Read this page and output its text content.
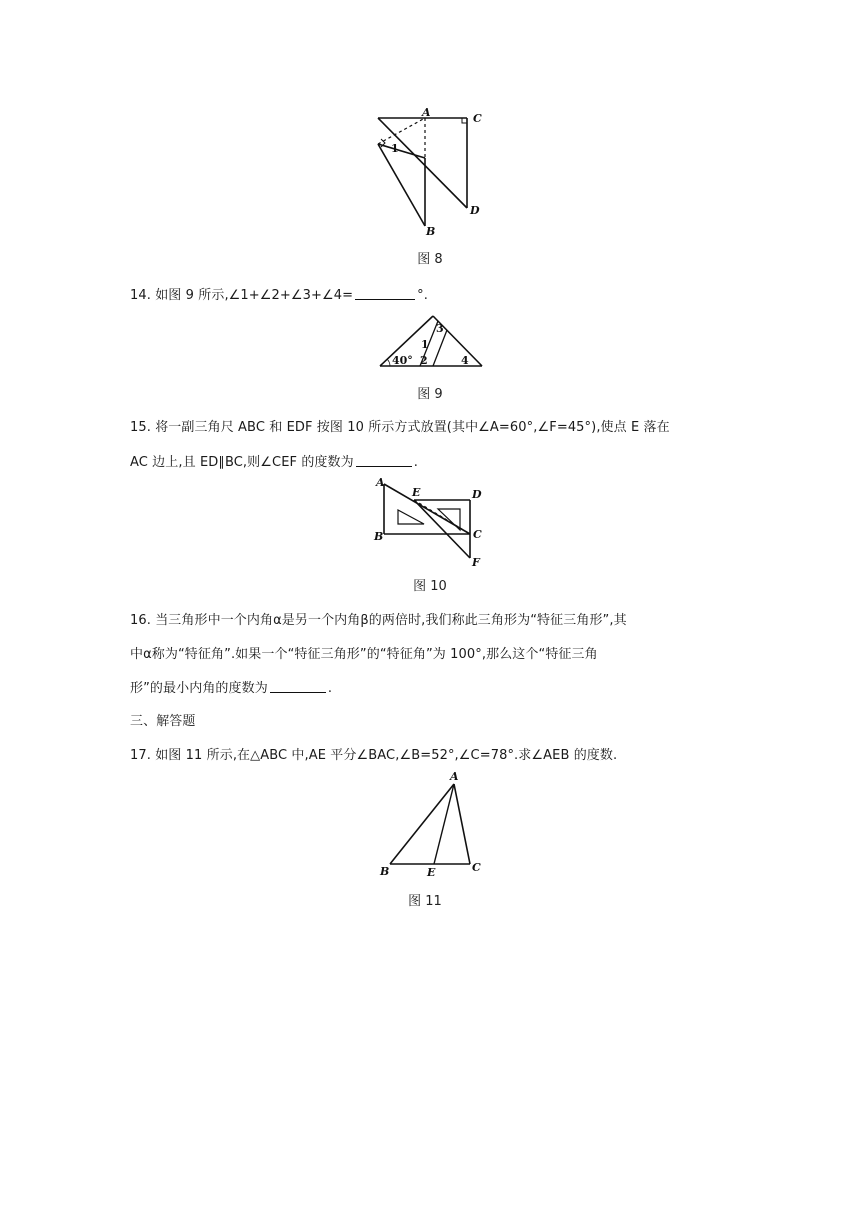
A	C
D
B
1
图 8
14. 如图 9 所示,∠1+∠2+∠3+∠4=	°.
40°
1
2
3
4
图 9
15. 将一副三角尺 ABC 和 EDF 按图 10 所示方式放置(其中∠A=60°,∠F=45°),使点 E 落在
AC 边上,且 ED∥BC,则∠CEF 的度数为	.
A
B	C
D
E
F
图 10
16. 当三角形中一个内角α是另一个内角β的两倍时,我们称此三角形为“特征三角形”,其
中α称为“特征角”.如果一个“特征三角形”的“特征角”为 100°,那么这个“特征三角
形”的最小内角的度数为	.
三、解答题
17. 如图 11 所示,在△ABC 中,AE 平分∠BAC,∠B=52°,∠C=78°.求∠AEB 的度数.
A
B	C
E
图 11
